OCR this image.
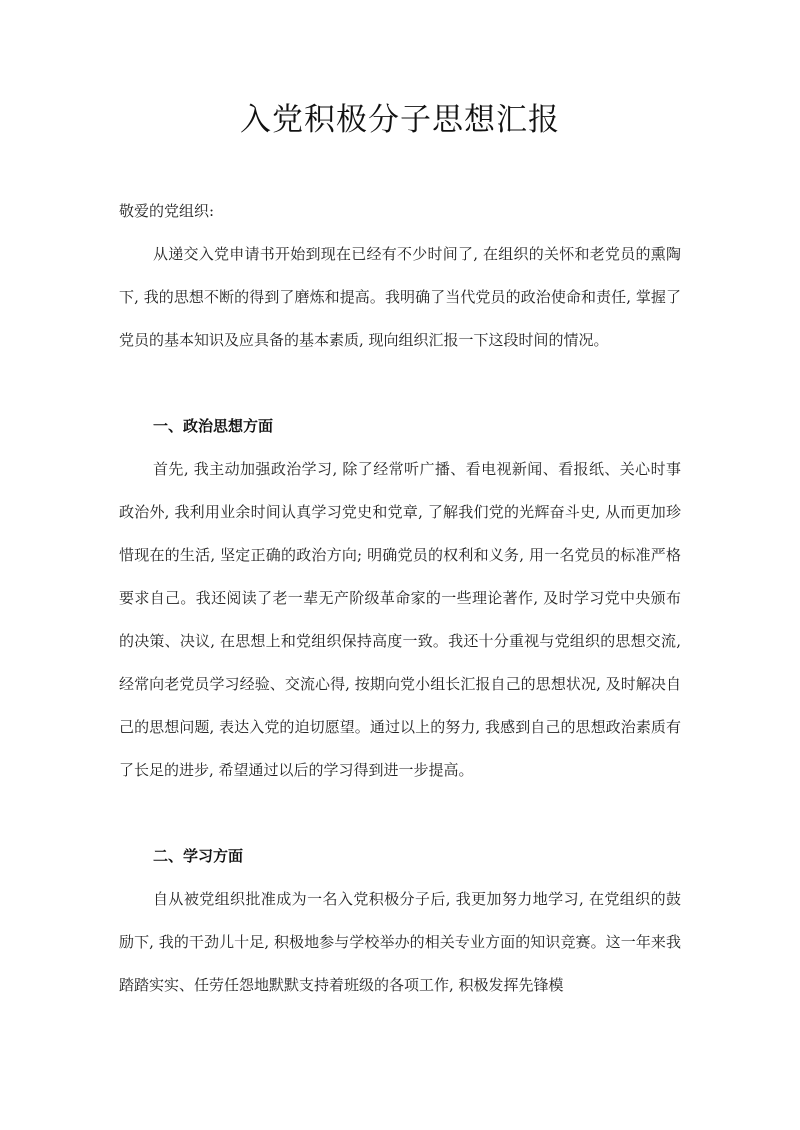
入党积极分子思想汇报
敬爱的党组织:

从递交入党申请书开始到现在已经有不少时间了, 在组织的关怀和老党员的熏陶下, 我的思想不断的得到了磨炼和提高。我明确了当代党员的政治使命和责任, 掌握了党员的基本知识及应具备的基本素质, 现向组织汇报一下这段时间的情况。

一、政治思想方面

首先, 我主动加强政治学习, 除了经常听广播、看电视新闻、看报纸、关心时事政治外, 我利用业余时间认真学习党史和党章, 了解我们党的光辉奋斗史, 从而更加珍惜现在的生活, 坚定正确的政治方向; 明确党员的权利和义务, 用一名党员的标准严格要求自己。我还阅读了老一辈无产阶级革命家的一些理论著作, 及时学习党中央颁布的决策、决议, 在思想上和党组织保持高度一致。我还十分重视与党组织的思想交流, 经常向老党员学习经验、交流心得, 按期向党小组长汇报自己的思想状况, 及时解决自己的思想问题, 表达入党的迫切愿望。通过以上的努力, 我感到自己的思想政治素质有了长足的进步, 希望通过以后的学习得到进一步提高。

二、学习方面

自从被党组织批准成为一名入党积极分子后, 我更加努力地学习, 在党组织的鼓励下, 我的干劲儿十足, 积极地参与学校举办的相关专业方面的知识竞赛。这一年来我踏踏实实、任劳任怨地默默支持着班级的各项工作, 积极发挥先锋模
